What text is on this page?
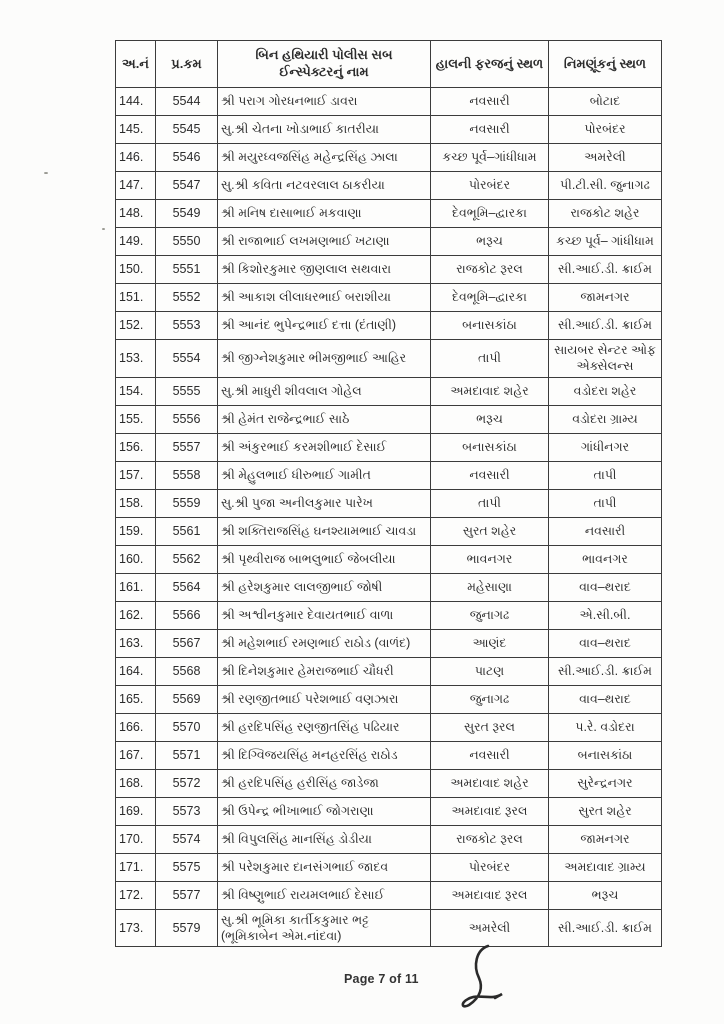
અ.નં	પ્ર.કમ	બિન હથિયારી પોલીસ સબ ઈન્સ્પેક્ટરનું નામ	હાલની ફરજનું સ્થળ	નિમણૂંકનું સ્થળ
144.	5544	શ્રી પરાગ ગોરધનભાઈ ડાવરા	નવસારી	બોટાદ
145.	5545	સુ.શ્રી ચેતના ખોડાભાઈ કાતરીયા	નવસારી	પોરબંદર
146.	5546	શ્રી મયુરધ્વજસિંહ મહેન્દ્રસિંહ ઝાલા	કચ્છ પૂર્વ–ગાંધીધામ	અમરેલી
147.	5547	સુ.શ્રી કવિતા નટવરલાલ ઠાકરીયા	પોરબંદર	પી.ટી.સી. જુનાગઢ
148.	5549	શ્રી મનિષ દાસાભાઈ મકવાણા	દેવભૂમિ–દ્વારકા	રાજકોટ શહેર
149.	5550	શ્રી રાજાભાઈ લખમણભાઈ ખટાણા	ભરૂચ	કચ્છ પૂર્વ– ગાંધીધામ
150.	5551	શ્રી કિશોરકુમાર જીણલાલ સથવારા	રાજકોટ રૂરલ	સી.આઈ.ડી. ક્રાઈમ
151.	5552	શ્રી આકાશ લીલાધરભાઈ બરાશીયા	દેવભૂમિ–દ્વારકા	જામનગર
152.	5553	શ્રી આનંદ ભુપેન્દ્રભાઈ દત્તા (દંતાણી)	બનાસકાંઠા	સી.આઈ.ડી. ક્રાઈમ
153.	5554	શ્રી જીગ્નેશકુમાર ભીમજીભાઈ આહિર	તાપી	સાયબર સેન્ટર ઓફ એક્સેલન્સ
154.	5555	સુ.શ્રી માધુરી શીવલાલ ગોહેલ	અમદાવાદ શહેર	વડોદરા શહેર
155.	5556	શ્રી હેમંત રાજેન્દ્રભાઈ સાઠે	ભરૂચ	વડોદરા ગ્રામ્ય
156.	5557	શ્રી અંકુરભાઈ કરમશીભાઈ દેસાઈ	બનાસકાંઠા	ગાંધીનગર
157.	5558	શ્રી મેહુલભાઈ ધીરુભાઈ ગામીત	નવસારી	તાપી
158.	5559	સુ.શ્રી પુજા અનીલકુમાર પારેખ	તાપી	તાપી
159.	5561	શ્રી શક્તિરાજસિંહ ઘનશ્યામભાઈ ચાવડા	સુરત શહેર	નવસારી
160.	5562	શ્રી પૃથ્વીરાજ બાભલુભાઈ જેબલીયા	ભાવનગર	ભાવનગર
161.	5564	શ્રી હરેશકુમાર લાલજીભાઈ જોષી	મહેસાણા	વાવ–થરાદ
162.	5566	શ્રી અશ્વીનકુમાર દેવાયતભાઈ વાળા	જુનાગઢ	એ.સી.બી.
163.	5567	શ્રી મહેશભાઈ રમણભાઈ રાઠોડ (વાળંદ)	આણંદ	વાવ–થરાદ
164.	5568	શ્રી દિનેશકુમાર હેમરાજભાઈ ચૌધરી	પાટણ	સી.આઈ.ડી. ક્રાઈમ
165.	5569	શ્રી રણજીતભાઈ પરેશભાઈ વણઝારા	જુનાગઢ	વાવ–થરાદ
166.	5570	શ્રી હરદિપસિંહ રણજીતસિંહ પઢિયાર	સુરત રૂરલ	પ.રે. વડોદરા
167.	5571	શ્રી દિગ્વિજયસિંહ મનહરસિંહ રાઠોડ	નવસારી	બનાસકાંઠા
168.	5572	શ્રી હરદિપસિંહ હરીસિંહ જાડેજા	અમદાવાદ શહેર	સુરેન્દ્રનગર
169.	5573	શ્રી ઉપેન્દ્ર ભીખાભાઈ જોગરાણા	અમદાવાદ રૂરલ	સુરત શહેર
170.	5574	શ્રી વિપુલસિંહ માનસિંહ ડોડીયા	રાજકોટ રૂરલ	જામનગર
171.	5575	શ્રી પરેશકુમાર દાનસંગભાઈ જાદવ	પોરબંદર	અમદાવાદ ગ્રામ્ય
172.	5577	શ્રી વિષ્ણુભાઈ રાયમલભાઈ દેસાઈ	અમદાવાદ રૂરલ	ભરૂચ
173.	5579	સુ.શ્રી ભૂમિકા કાર્તીકકુમાર ભટ્ટ (ભૂમિકાબેન એમ.નાંદવા)	અમરેલી	સી.આઈ.ડી. ક્રાઈમ
Page 7 of 11
